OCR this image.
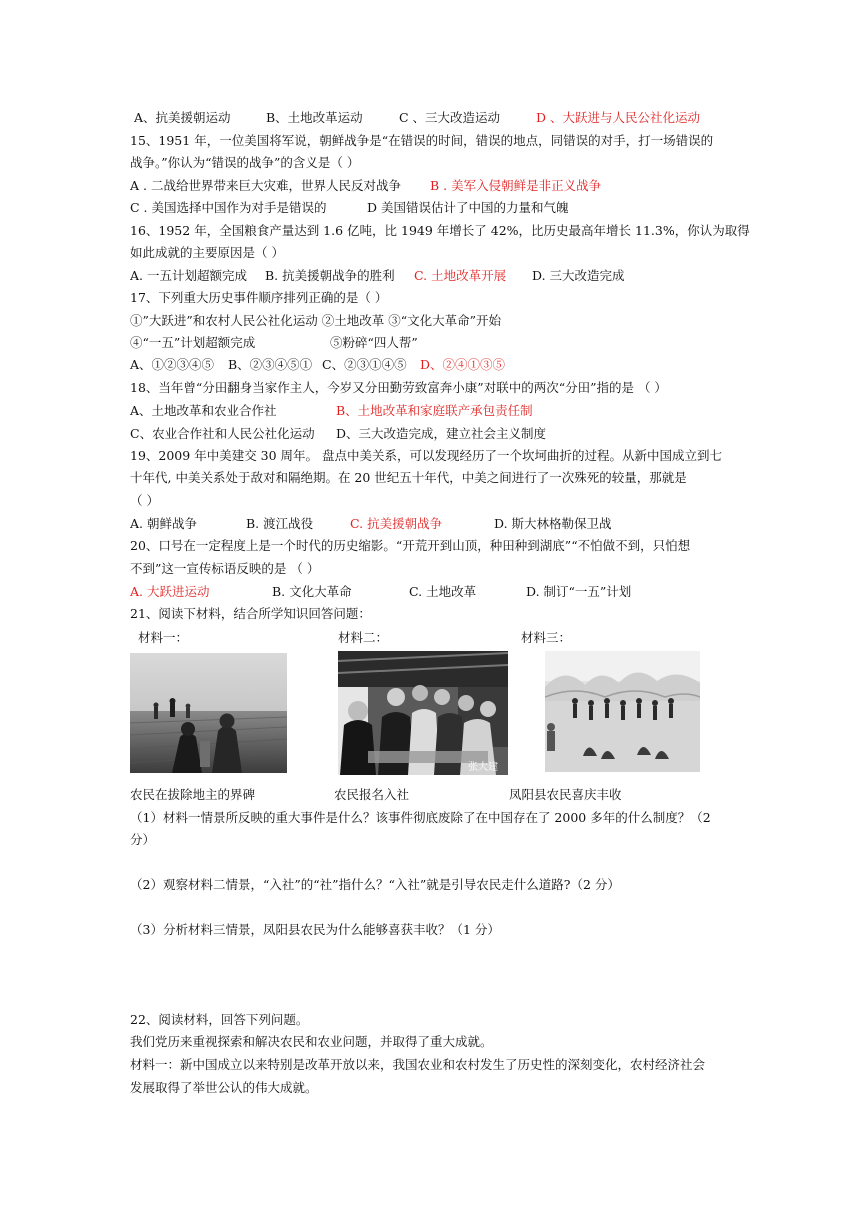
A、抗美援朝运动	B、土地改革运动	C 、三大改造运动	D 、大跃进与人民公社化运动
15、1951 年，一位美国将军说，朝鲜战争是“在错误的时间，错误的地点，同错误的对手，打一场错误的
战争。”你认为“错误的战争”的含义是（ ）
A . 二战给世界带来巨大灾难，世界人民反对战争 B . 美军入侵朝鲜是非正义战争
C . 美国选择中国作为对手是错误的	D 美国错误估计了中国的力量和气魄
16、1952 年，全国粮食产量达到 1.6 亿吨，比 1949 年增长了 42%，比历史最高年增长 11.3%，你认为取得
如此成就的主要原因是（ ）
A. 一五计划超额完成 B. 抗美援朝战争的胜利 C. 土地改革开展 D. 三大改造完成
17、下列重大历史事件顺序排列正确的是（ ）
①”大跃进”和农村人民公社化运动 ②土地改革 ③“文化大革命”开始
④“一五”计划超额完成	⑤粉碎“四人帮”
A、①②③④⑤ B、②③④⑤① C、②③①④⑤ D、②④①③⑤
18、当年曾“分田翻身当家作主人，今岁又分田勤劳致富奔小康”对联中的两次“分田”指的是 （ ）
A、土地改革和农业合作社	B、土地改革和家庭联产承包责任制
C、农业合作社和人民公社化运动 D、三大改造完成，建立社会主义制度
19、2009 年中美建交 30 周年。 盘点中美关系，可以发现经历了一个坎坷曲折的过程。从新中国成立到七
十年代, 中美关系处于敌对和隔绝期。在 20 世纪五十年代，中美之间进行了一次殊死的较量，那就是
（ ）
A. 朝鲜战争	B. 渡江战役	C. 抗美援朝战争	D. 斯大林格勒保卫战
20、口号在一定程度上是一个时代的历史缩影。“开荒开到山顶，种田种到湖底”“不怕做不到，只怕想
不到”这一宣传标语反映的是 （ ）
A. 大跃进运动	B. 文化大革命	C. 土地改革	D. 制订“一五”计划
21、阅读下材料，结合所学知识回答问题：
材料一：	材料二：	材料三：
张大建
农民在拔除地主的界碑	农民报名入社	凤阳县农民喜庆丰收
（1）材料一情景所反映的重大事件是什么？该事件彻底废除了在中国存在了 2000 多年的什么制度？（2
分）
（2）观察材料二情景，“入社”的“社”指什么？“入社”就是引导农民走什么道路?（2 分）
（3）分析材料三情景，凤阳县农民为什么能够喜获丰收？（1 分）
22、阅读材料，回答下列问题。
我们党历来重视探索和解决农民和农业问题，并取得了重大成就。
材料一：新中国成立以来特别是改革开放以来，我国农业和农村发生了历史性的深刻变化，农村经济社会
发展取得了举世公认的伟大成就。
